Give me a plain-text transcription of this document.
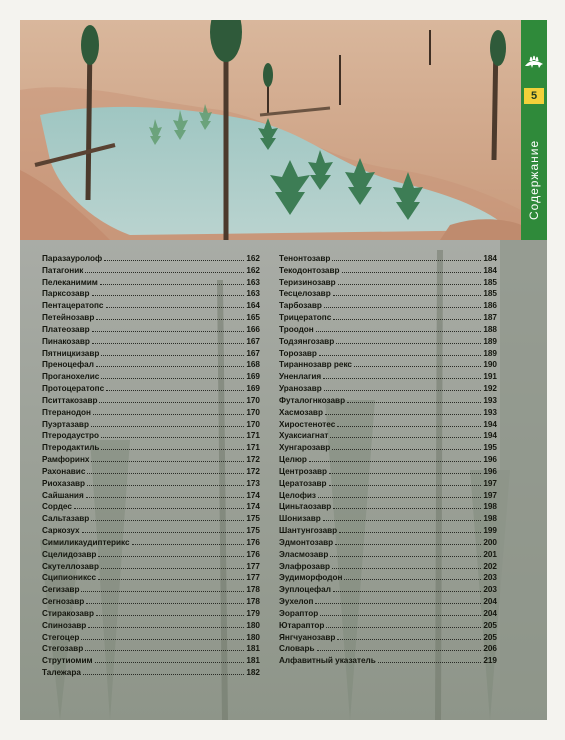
5
Содержание
Паразауролоф	162
Патагоник	162
Пелеканимим	163
Паркcозавр	163
Пентацератопс	164
Петейнозавр	165
Платеозавр	166
Пинакозавр	167
Пятницкизавр	167
Преноцефал	168
Проганохелис	169
Протоцератопс	169
Пситтакозавр	170
Птеранодон	170
Пуэртазавр	170
Птеродаустро	171
Птеродактиль	171
Рамфоринх	172
Рахонавис	172
Риохазавр	173
Сайшания	174
Сордес	174
Сальтазавр	175
Саркозух	175
Симиликаудиптерикс	176
Сцелидозавр	176
Скутеллозавр	177
Сципиониксc	177
Сегизавр	178
Сегнозавр	178
Стиракозавр	179
Спинозавр	180
Стегоцер	180
Стегозавр	181
Струтиомим	181
Талежара	182
Тенонтозавр	184
Текодонтозавр	184
Теризинозавр	185
Тесцелозавр	185
Тарбозавр	186
Трицератопс	187
Троодон	188
Тодзянгозавр	189
Торозавр	189
Тираннозавр рекс	190
Уненлагия	191
Уранозавр	192
Футалогнкозавр	193
Хасмозавр	193
Хиростенотес	194
Хуаксиагнат	194
Хунгарозавр	195
Целюр	196
Центрозавр	196
Цератозавр	197
Целофиз	197
Циньтаозавр	198
Шонизавр	198
Шантунгозавр	199
Эдмонтозавр	200
Эласмозавр	201
Элафрозавр	202
Эудиморфодон	203
Эуплоцефал	203
Эухелоп	204
Эораптор	204
Ютараптор	205
Янгчуанозавр	205
Словарь	206
Алфавитный указатель	219
